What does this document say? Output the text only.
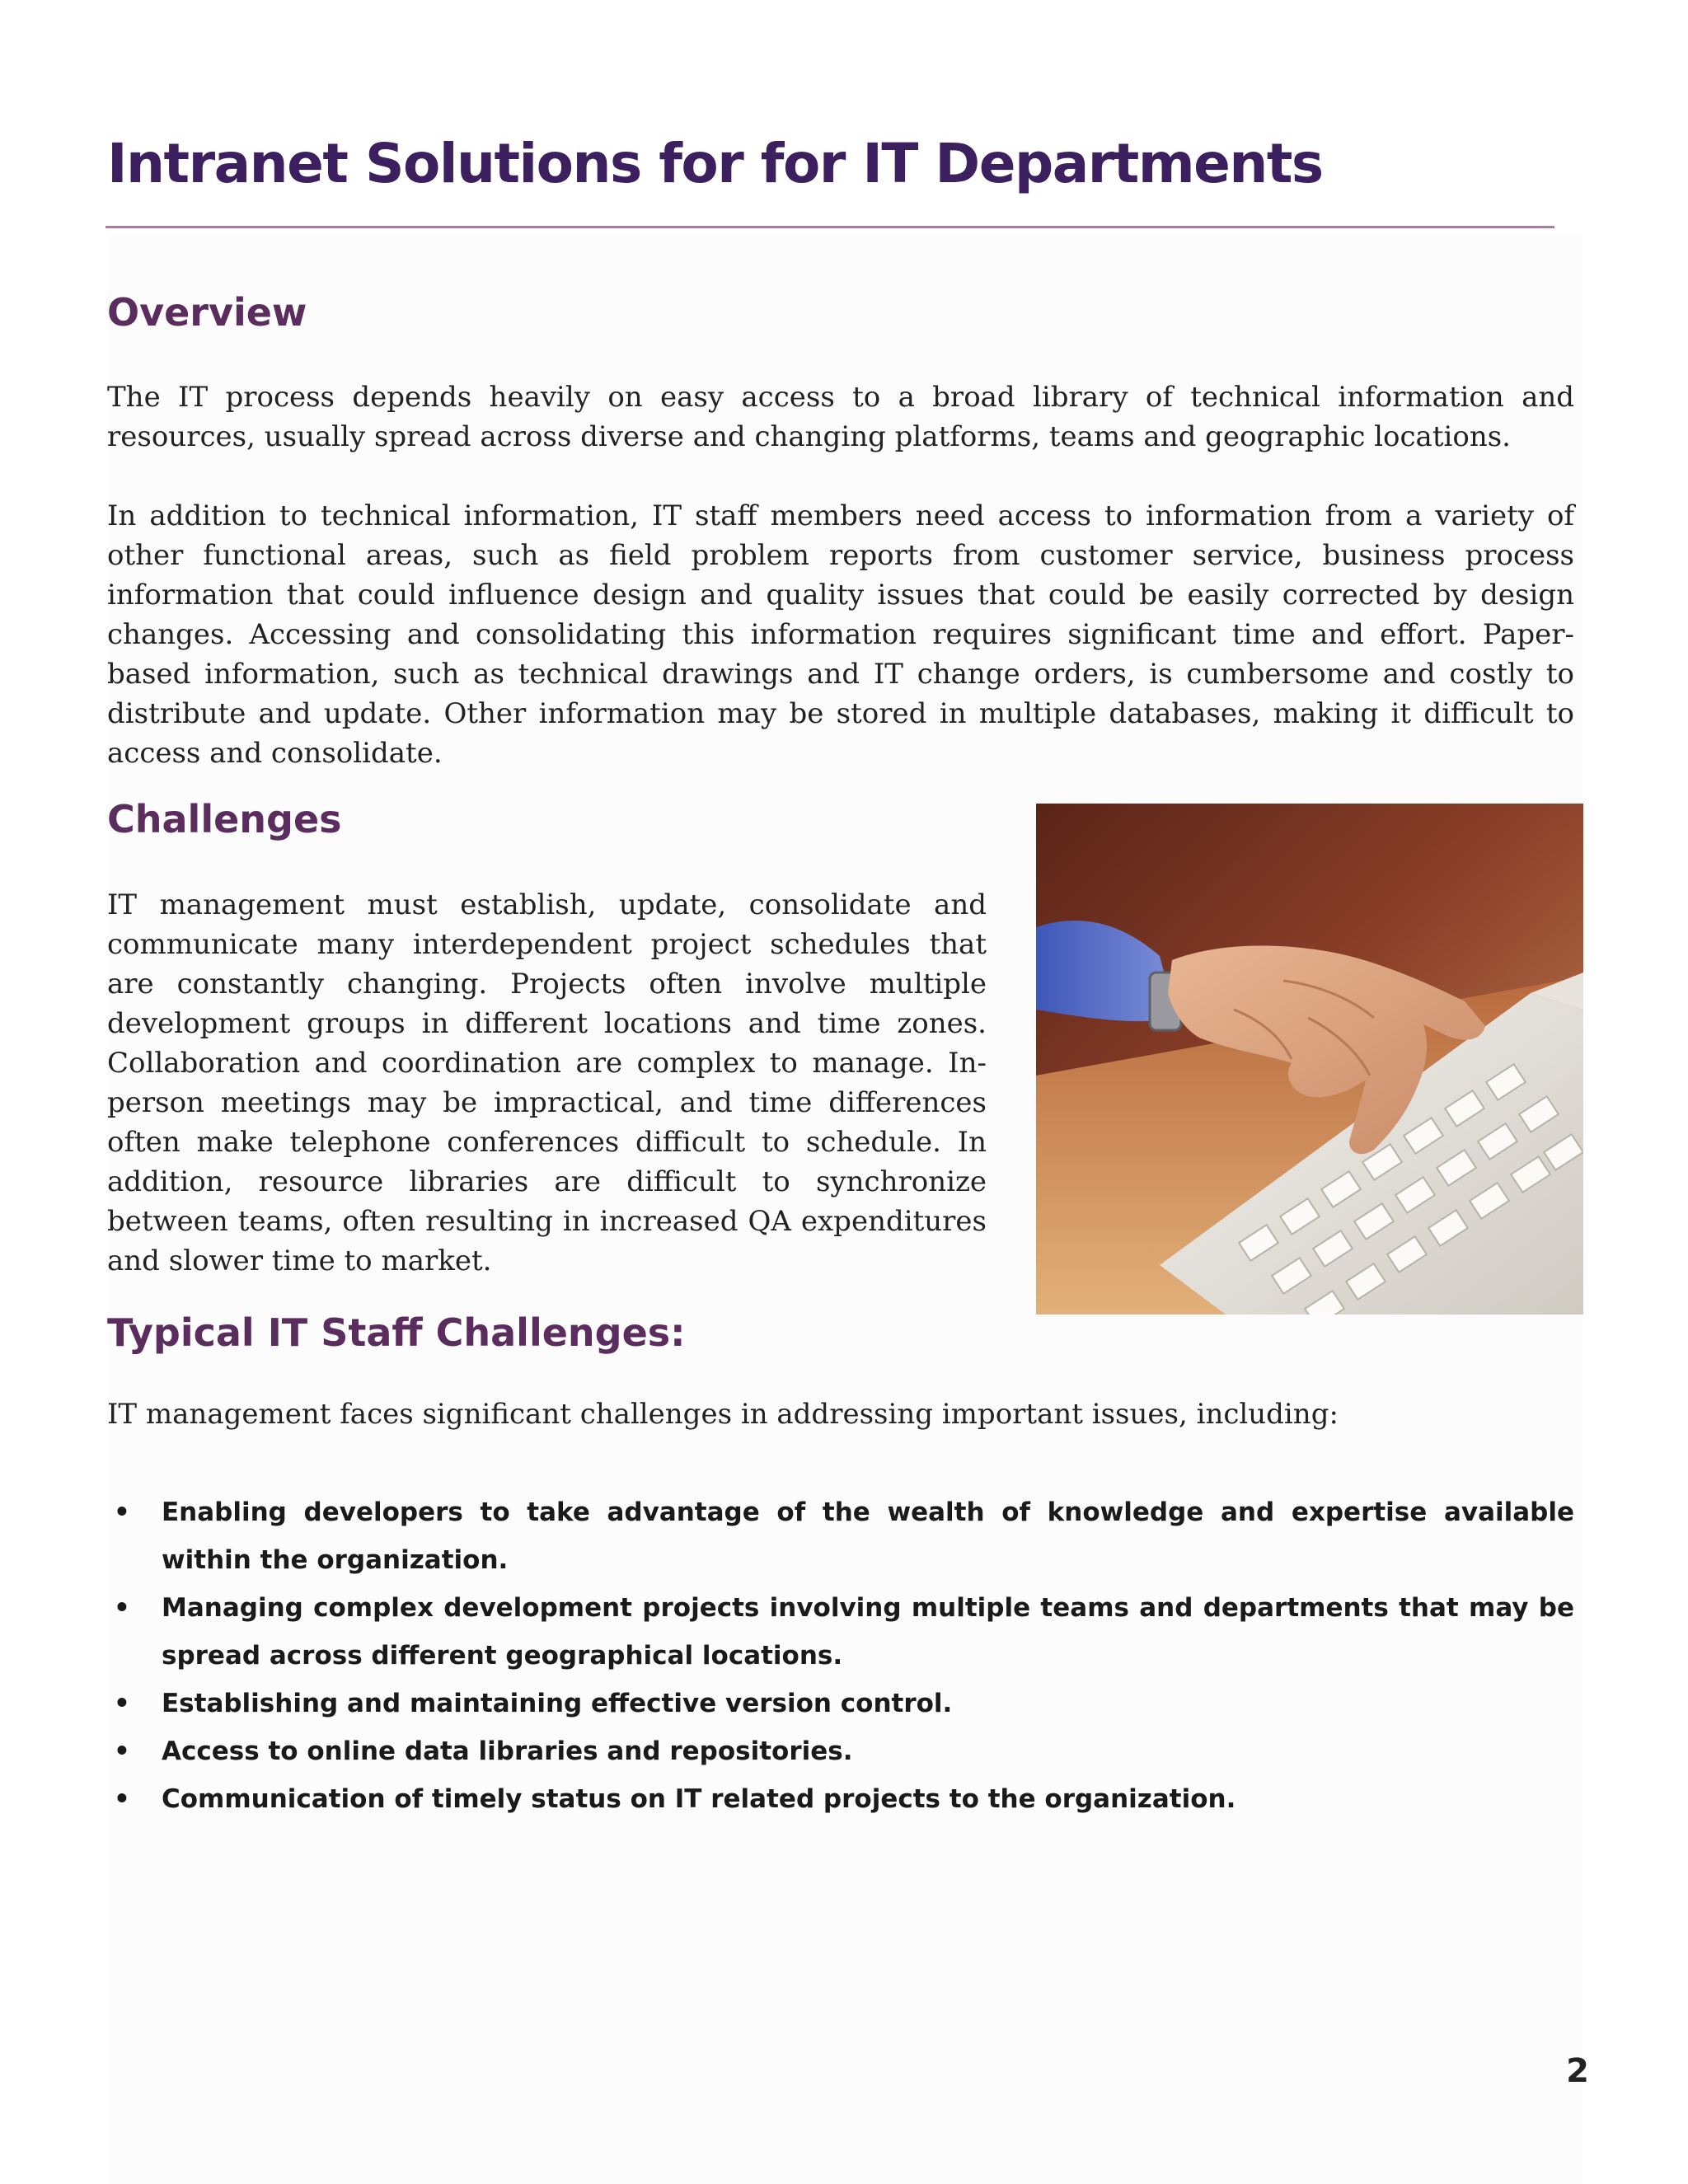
Intranet Solutions for for IT Departments
Overview

The IT process depends heavily on easy access to a broad library of technical information and resources, usually spread across diverse and changing platforms, teams and geographic locations.

In addition to technical information, IT staff members need access to information from a variety of other functional areas, such as field problem reports from customer service, business process information that could influence design and quality issues that could be easily corrected by design changes. Accessing and consolidating this information requires significant time and effort. Paper-based information, such as technical drawings and IT change orders, is cumbersome and costly to distribute and update. Other information may be stored in multiple databases, making it difficult to access and consolidate.

Challenges

IT management must establish, update, consolidate and communicate many interdependent project schedules that are constantly changing. Projects often involve multiple development groups in different locations and time zones. Collaboration and coordination are complex to manage. In-person meetings may be impractical, and time differences often make telephone conferences difficult to schedule. In addition, resource libraries are difficult to synchronize between teams, often resulting in increased QA expenditures and slower time to market.

Typical IT Staff Challenges:

IT management faces significant challenges in addressing important issues, including:

•	Enabling developers to take advantage of the wealth of knowledge and expertise available within the organization.
•	Managing complex development projects involving multiple teams and departments that may be spread across different geographical locations.
•	Establishing and maintaining effective version control.
•	Access to online data libraries and repositories.
•	Communication of timely status on IT related projects to the organization.

2
